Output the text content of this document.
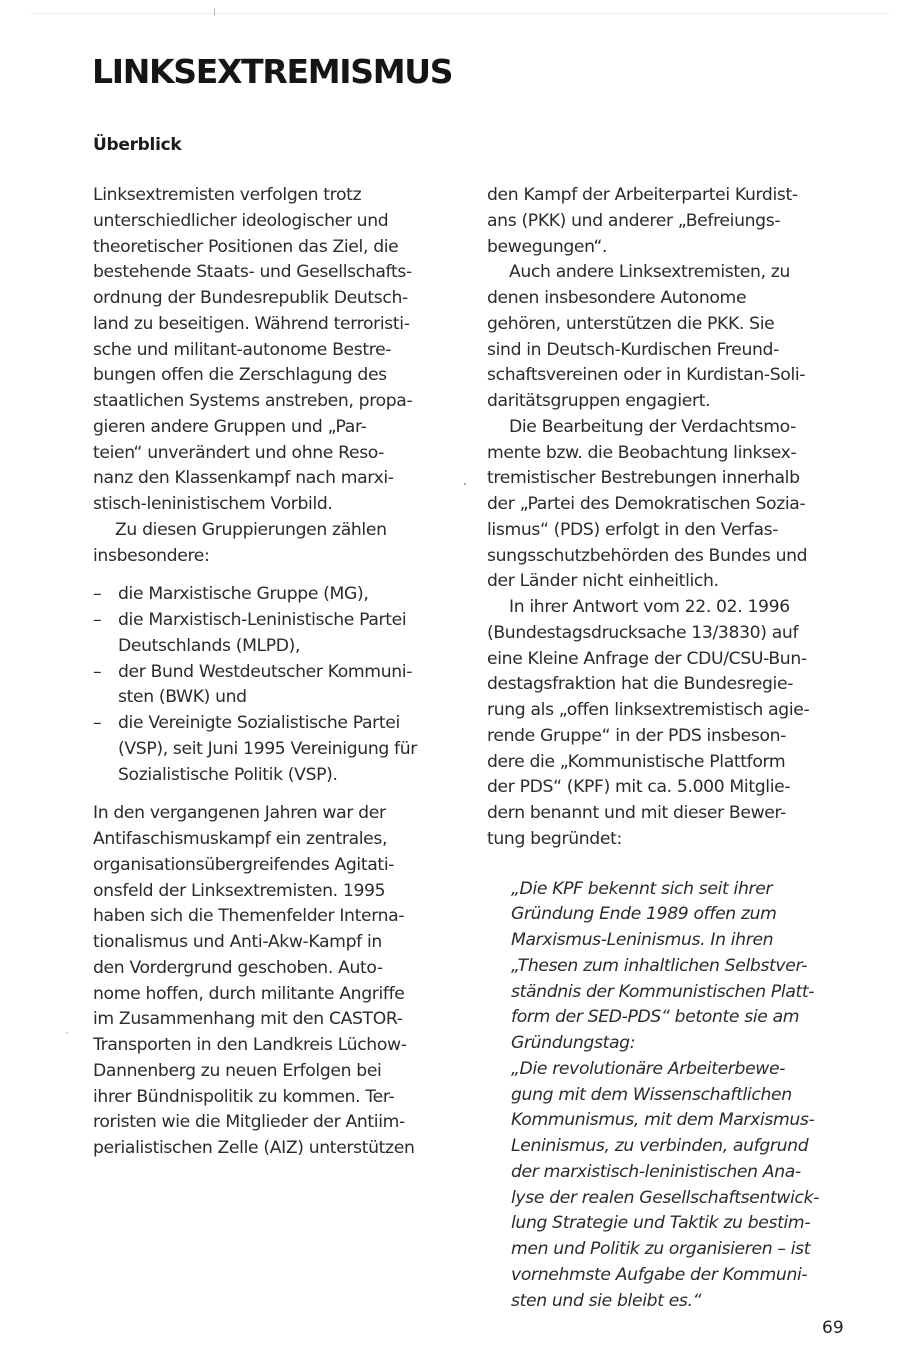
LINKSEXTREMISMUS
Überblick
Linksextremisten verfolgen trotz
unterschiedlicher ideologischer und
theoretischer Positionen das Ziel, die
bestehende Staats- und Gesellschafts-
ordnung der Bundesrepublik Deutsch-
land zu beseitigen. Während terroristi-
sche und militant-autonome Bestre-
bungen offen die Zerschlagung des
staatlichen Systems anstreben, propa-
gieren andere Gruppen und „Par-
teien“ unverändert und ohne Reso-
nanz den Klassenkampf nach marxi-
stisch-leninistischem Vorbild.
Zu diesen Gruppierungen zählen
insbesondere:
– die Marxistische Gruppe (MG),
– die Marxistisch-Leninistische Partei
Deutschlands (MLPD),
– der Bund Westdeutscher Kommuni-
sten (BWK) und
– die Vereinigte Sozialistische Partei
(VSP), seit Juni 1995 Vereinigung für
Sozialistische Politik (VSP).
In den vergangenen Jahren war der
Antifaschismuskampf ein zentrales,
organisationsübergreifendes Agitati-
onsfeld der Linksextremisten. 1995
haben sich die Themenfelder Interna-
tionalismus und Anti-Akw-Kampf in
den Vordergrund geschoben. Auto-
nome hoffen, durch militante Angriffe
im Zusammenhang mit den CASTOR-
Transporten in den Landkreis Lüchow-
Dannenberg zu neuen Erfolgen bei
ihrer Bündnispolitik zu kommen. Ter-
roristen wie die Mitglieder der Antiim-
perialistischen Zelle (AIZ) unterstützen
den Kampf der Arbeiterpartei Kurdist-
ans (PKK) und anderer „Befreiungs-
bewegungen“.
Auch andere Linksextremisten, zu
denen insbesondere Autonome
gehören, unterstützen die PKK. Sie
sind in Deutsch-Kurdischen Freund-
schaftsvereinen oder in Kurdistan-Soli-
daritätsgruppen engagiert.
Die Bearbeitung der Verdachtsmo-
mente bzw. die Beobachtung linksex-
tremistischer Bestrebungen innerhalb
der „Partei des Demokratischen Sozia-
lismus“ (PDS) erfolgt in den Verfas-
sungsschutzbehörden des Bundes und
der Länder nicht einheitlich.
In ihrer Antwort vom 22. 02. 1996
(Bundestagsdrucksache 13/3830) auf
eine Kleine Anfrage der CDU/CSU-Bun-
destagsfraktion hat die Bundesregie-
rung als „offen linksextremistisch agie-
rende Gruppe“ in der PDS insbeson-
dere die „Kommunistische Plattform
der PDS“ (KPF) mit ca. 5.000 Mitglie-
dern benannt und mit dieser Bewer-
tung begründet:
„Die KPF bekennt sich seit ihrer
Gründung Ende 1989 offen zum
Marxismus-Leninismus. In ihren
„Thesen zum inhaltlichen Selbstver-
ständnis der Kommunistischen Platt-
form der SED-PDS“ betonte sie am
Gründungstag:
„Die revolutionäre Arbeiterbewe-
gung mit dem Wissenschaftlichen
Kommunismus, mit dem Marxismus-
Leninismus, zu verbinden, aufgrund
der marxistisch-leninistischen Ana-
lyse der realen Gesellschaftsentwick-
lung Strategie und Taktik zu bestim-
men und Politik zu organisieren – ist
vornehmste Aufgabe der Kommuni-
sten und sie bleibt es.“
69
